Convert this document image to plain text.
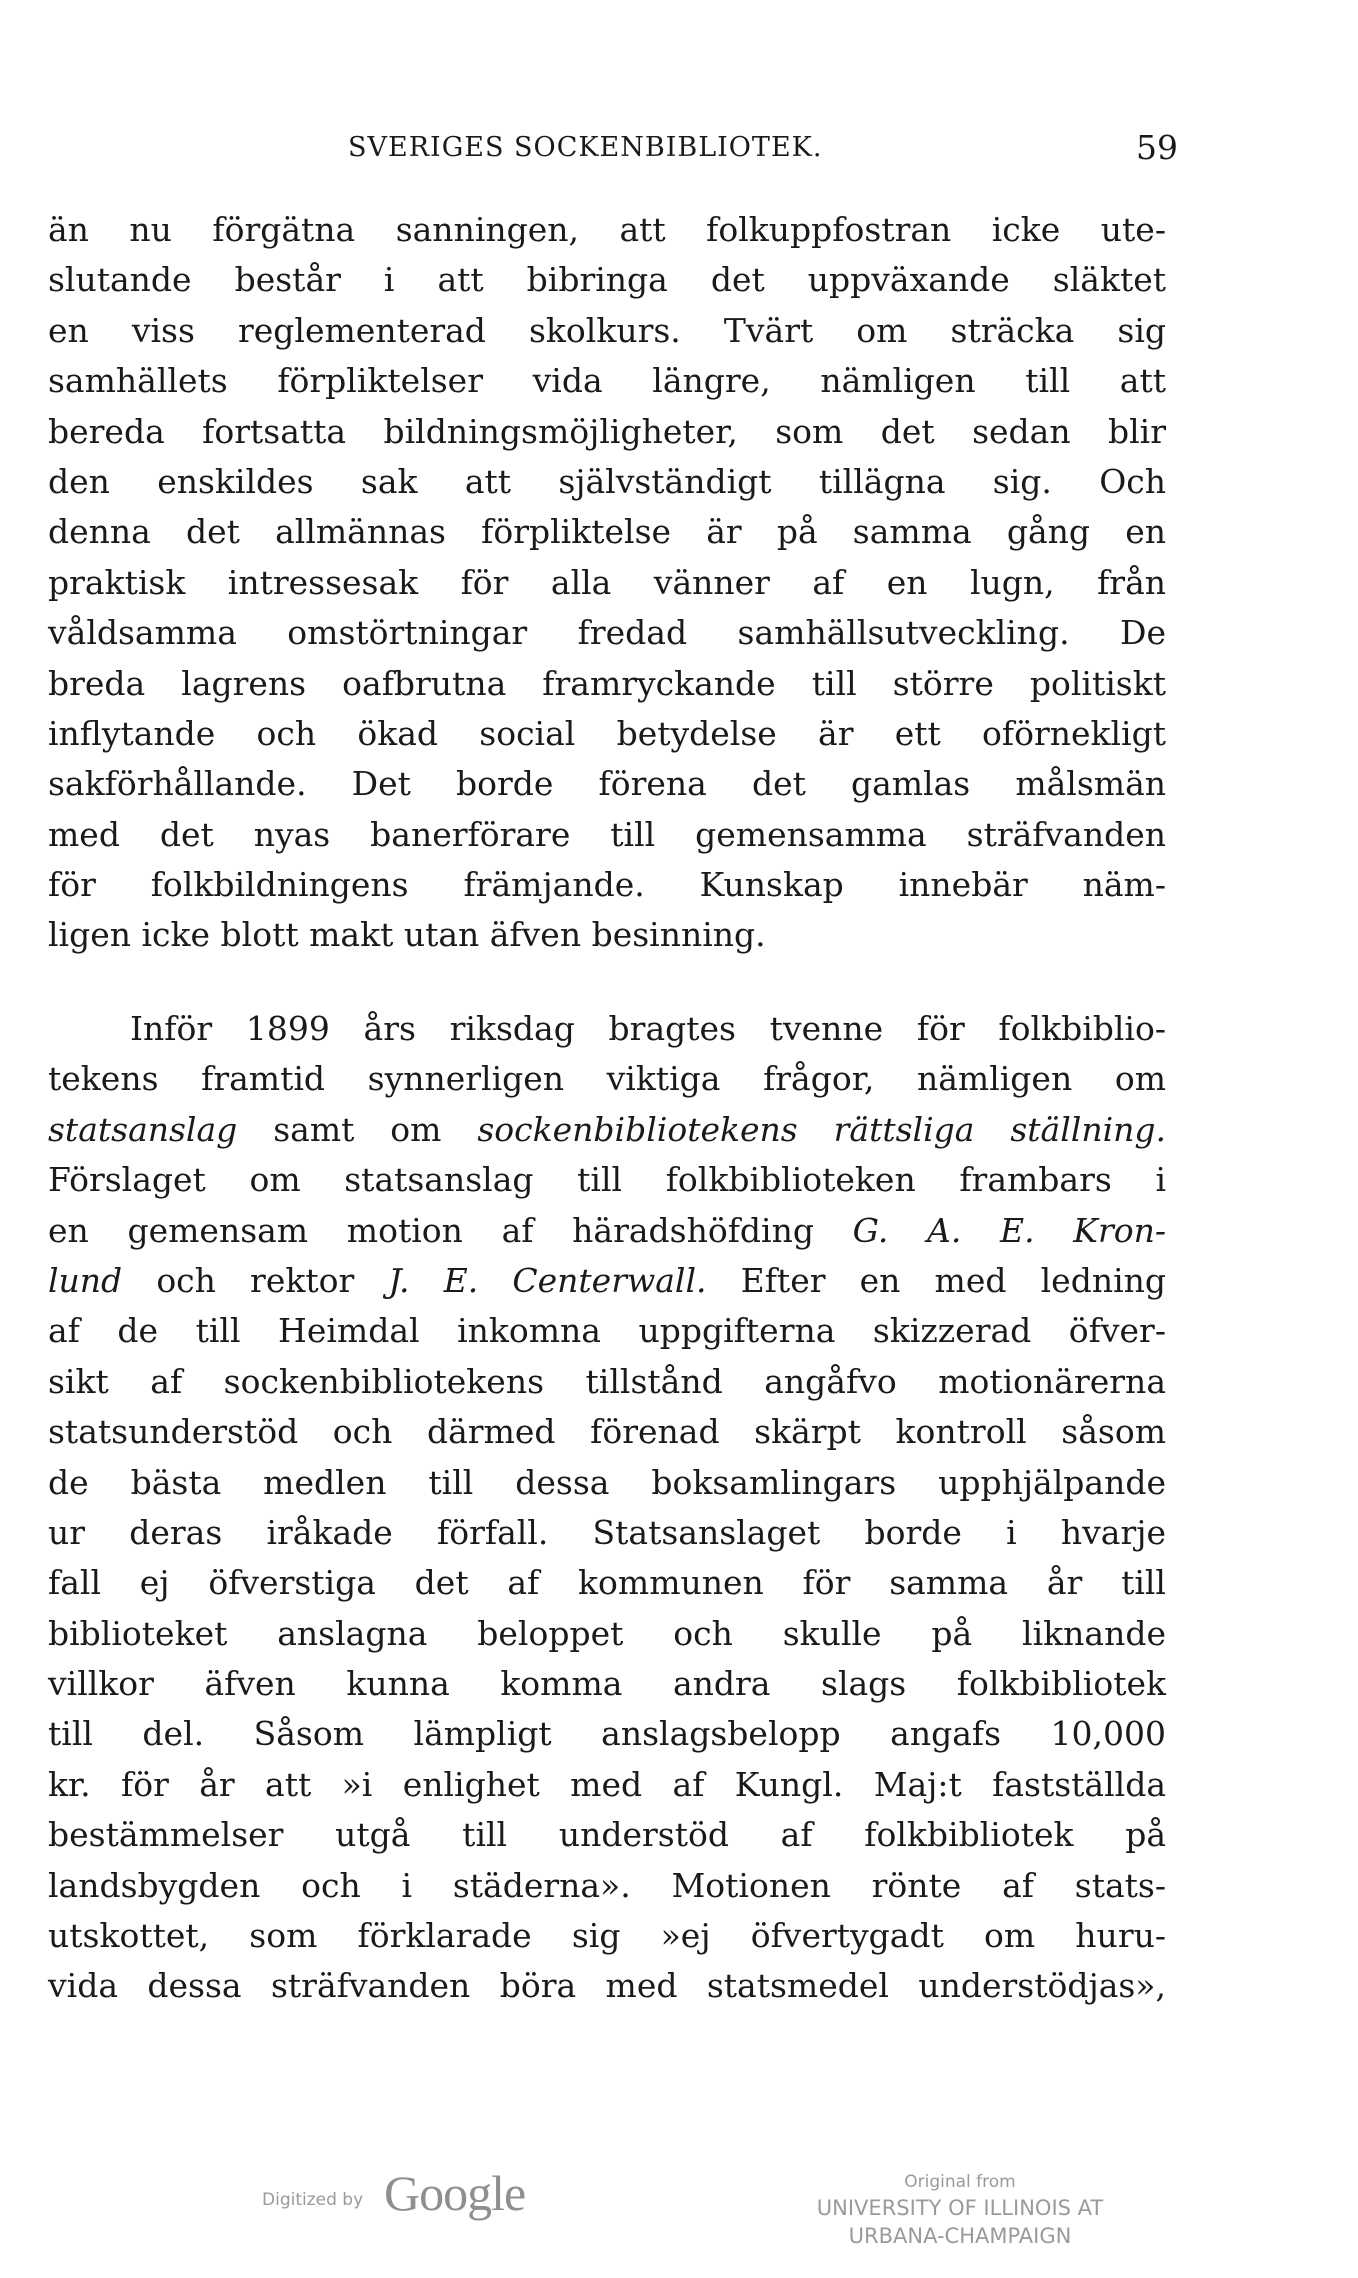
SVERIGES SOCKENBIBLIOTEK.	59
än nu förgätna sanningen, att folkuppfostran icke ute-
slutande består i att bibringa det uppväxande släktet
en viss reglementerad skolkurs. Tvärt om sträcka sig
samhällets förpliktelser vida längre, nämligen till att
bereda fortsatta bildningsmöjligheter, som det sedan blir
den enskildes sak att självständigt tillägna sig. Och
denna det allmännas förpliktelse är på samma gång en
praktisk intressesak för alla vänner af en lugn, från
våldsamma omstörtningar fredad samhällsutveckling. De
breda lagrens oafbrutna framryckande till större politiskt
inflytande och ökad social betydelse är ett oförnekligt
sakförhållande. Det borde förena det gamlas målsmän
med det nyas banerförare till gemensamma sträfvanden
för folkbildningens främjande. Kunskap innebär näm-
ligen icke blott makt utan äfven besinning.
Inför 1899 års riksdag bragtes tvenne för folkbiblio-
tekens framtid synnerligen viktiga frågor, nämligen om
statsanslag samt om sockenbibliotekens rättsliga ställning.
Förslaget om statsanslag till folkbiblioteken frambars i
en gemensam motion af häradshöfding G. A. E. Kron-
lund och rektor J. E. Centerwall. Efter en med ledning
af de till Heimdal inkomna uppgifterna skizzerad öfver-
sikt af sockenbibliotekens tillstånd angåfvo motionärerna
statsunderstöd och därmed förenad skärpt kontroll såsom
de bästa medlen till dessa boksamlingars upphjälpande
ur deras iråkade förfall. Statsanslaget borde i hvarje
fall ej öfverstiga det af kommunen för samma år till
biblioteket anslagna beloppet och skulle på liknande
villkor äfven kunna komma andra slags folkbibliotek
till del. Såsom lämpligt anslagsbelopp angafs 10,000
kr. för år att »i enlighet med af Kungl. Maj:t fastställda
bestämmelser utgå till understöd af folkbibliotek på
landsbygden och i städerna». Motionen rönte af stats-
utskottet, som förklarade sig »ej öfvertygadt om huru-
vida dessa sträfvanden böra med statsmedel understödjas»,
Digitized by Google	Original from
UNIVERSITY OF ILLINOIS AT
URBANA-CHAMPAIGN
